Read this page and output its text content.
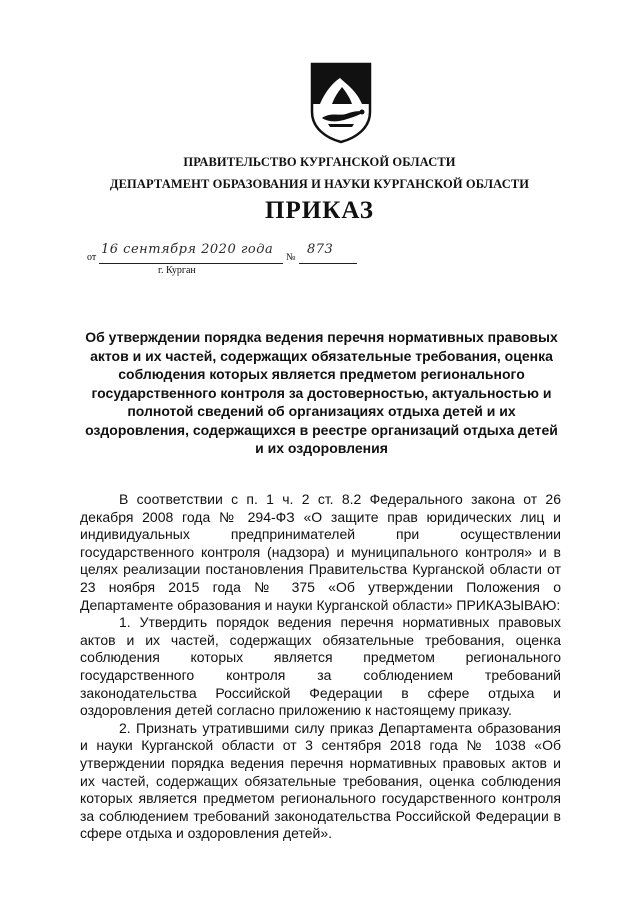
ПРАВИТЕЛЬСТВО КУРГАНСКОЙ ОБЛАСТИ
ДЕПАРТАМЕНТ ОБРАЗОВАНИЯ И НАУКИ КУРГАНСКОЙ ОБЛАСТИ
ПРИКАЗ
от
16 сентября 2020 года
№
873
г. Курган
Об утверждении порядка ведения перечня нормативных правовых актов и их частей, содержащих обязательные требования, оценка соблюдения которых является предметом регионального государственного контроля за достоверностью, актуальностью и полнотой сведений об организациях отдыха детей и их оздоровления, содержащихся в реестре организаций отдыха детей и их оздоровления

В соответствии с п. 1 ч. 2 ст. 8.2 Федерального закона от 26 декабря 2008 года № 294-ФЗ «О защите прав юридических лиц и индивидуальных предпринимателей при осуществлении государственного контроля (надзора) и муниципального контроля» и в целях реализации постановления Правительства Курганской области от 23 ноября 2015 года № 375 «Об утверждении Положения о Департаменте образования и науки Курганской области» ПРИКАЗЫВАЮ:

1. Утвердить порядок ведения перечня нормативных правовых актов и их частей, содержащих обязательные требования, оценка соблюдения которых является предметом регионального государственного контроля за соблюдением требований законодательства Российской Федерации в сфере отдыха и оздоровления детей согласно приложению к настоящему приказу.

2. Признать утратившими силу приказ Департамента образования и науки Курганской области от 3 сентября 2018 года № 1038 «Об утверждении порядка ведения перечня нормативных правовых актов и их частей, содержащих обязательные требования, оценка соблюдения которых является предметом регионального государственного контроля за соблюдением требований законодательства Российской Федерации в сфере отдыха и оздоровления детей».
